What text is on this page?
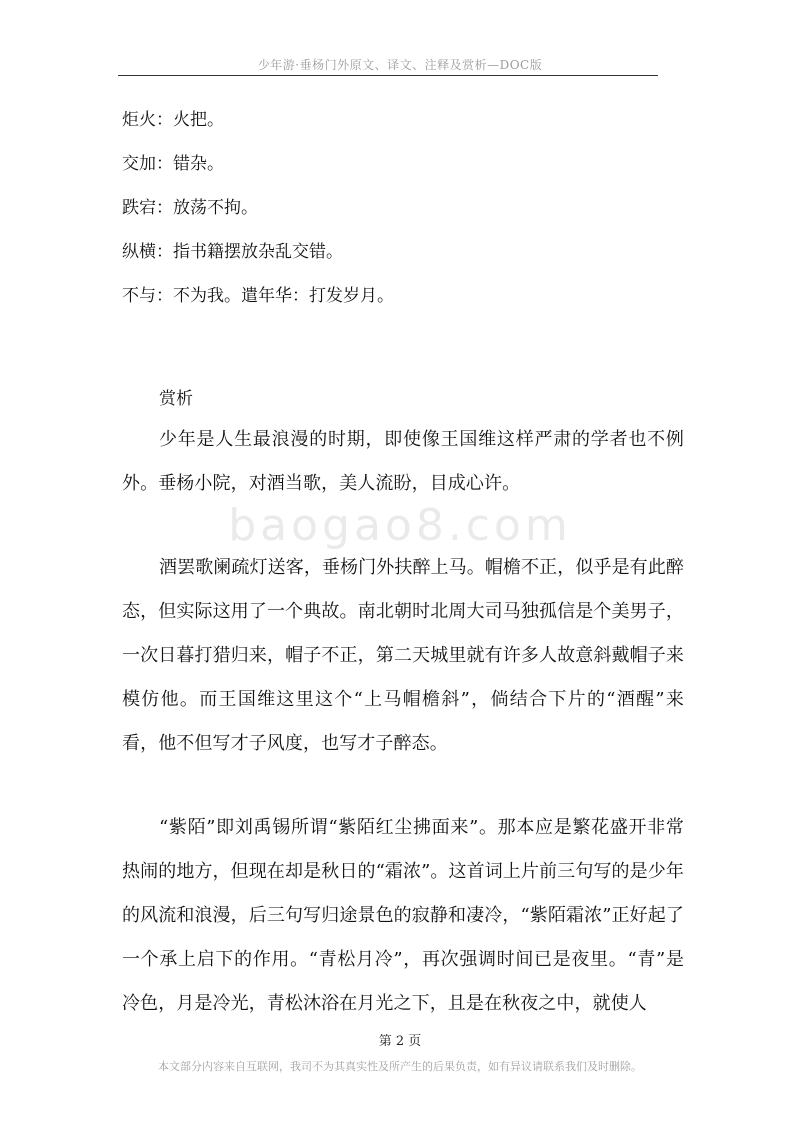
少年游·垂杨门外原文、译文、注释及赏析—DOC版
baogao8.com

炬火：火把。

交加：错杂。

跌宕：放荡不拘。

纵横：指书籍摆放杂乱交错。

不与：不为我。遣年华：打发岁月。

赏析

少年是人生最浪漫的时期，即使像王国维这样严肃的学者也不例外。垂杨小院，对酒当歌，美人流盼，目成心许。

酒罢歌阑疏灯送客，垂杨门外扶醉上马。帽檐不正，似乎是有此醉态，但实际这用了一个典故。南北朝时北周大司马独孤信是个美男子，一次日暮打猎归来，帽子不正，第二天城里就有许多人故意斜戴帽子来模仿他。而王国维这里这个“上马帽檐斜”，倘结合下片的“酒醒”来看，他不但写才子风度，也写才子醉态。

“紫陌”即刘禹锡所谓“紫陌红尘拂面来”。那本应是繁花盛开非常热闹的地方，但现在却是秋日的“霜浓”。这首词上片前三句写的是少年的风流和浪漫，后三句写归途景色的寂静和凄冷，“紫陌霜浓”正好起了一个承上启下的作用。“青松月冷”，再次强调时间已是夜里。“青”是冷色，月是冷光，青松沐浴在月光之下，且是在秋夜之中，就使人

第 2 页
本文部分内容来自互联网，我司不为其真实性及所产生的后果负责，如有异议请联系我们及时删除。
